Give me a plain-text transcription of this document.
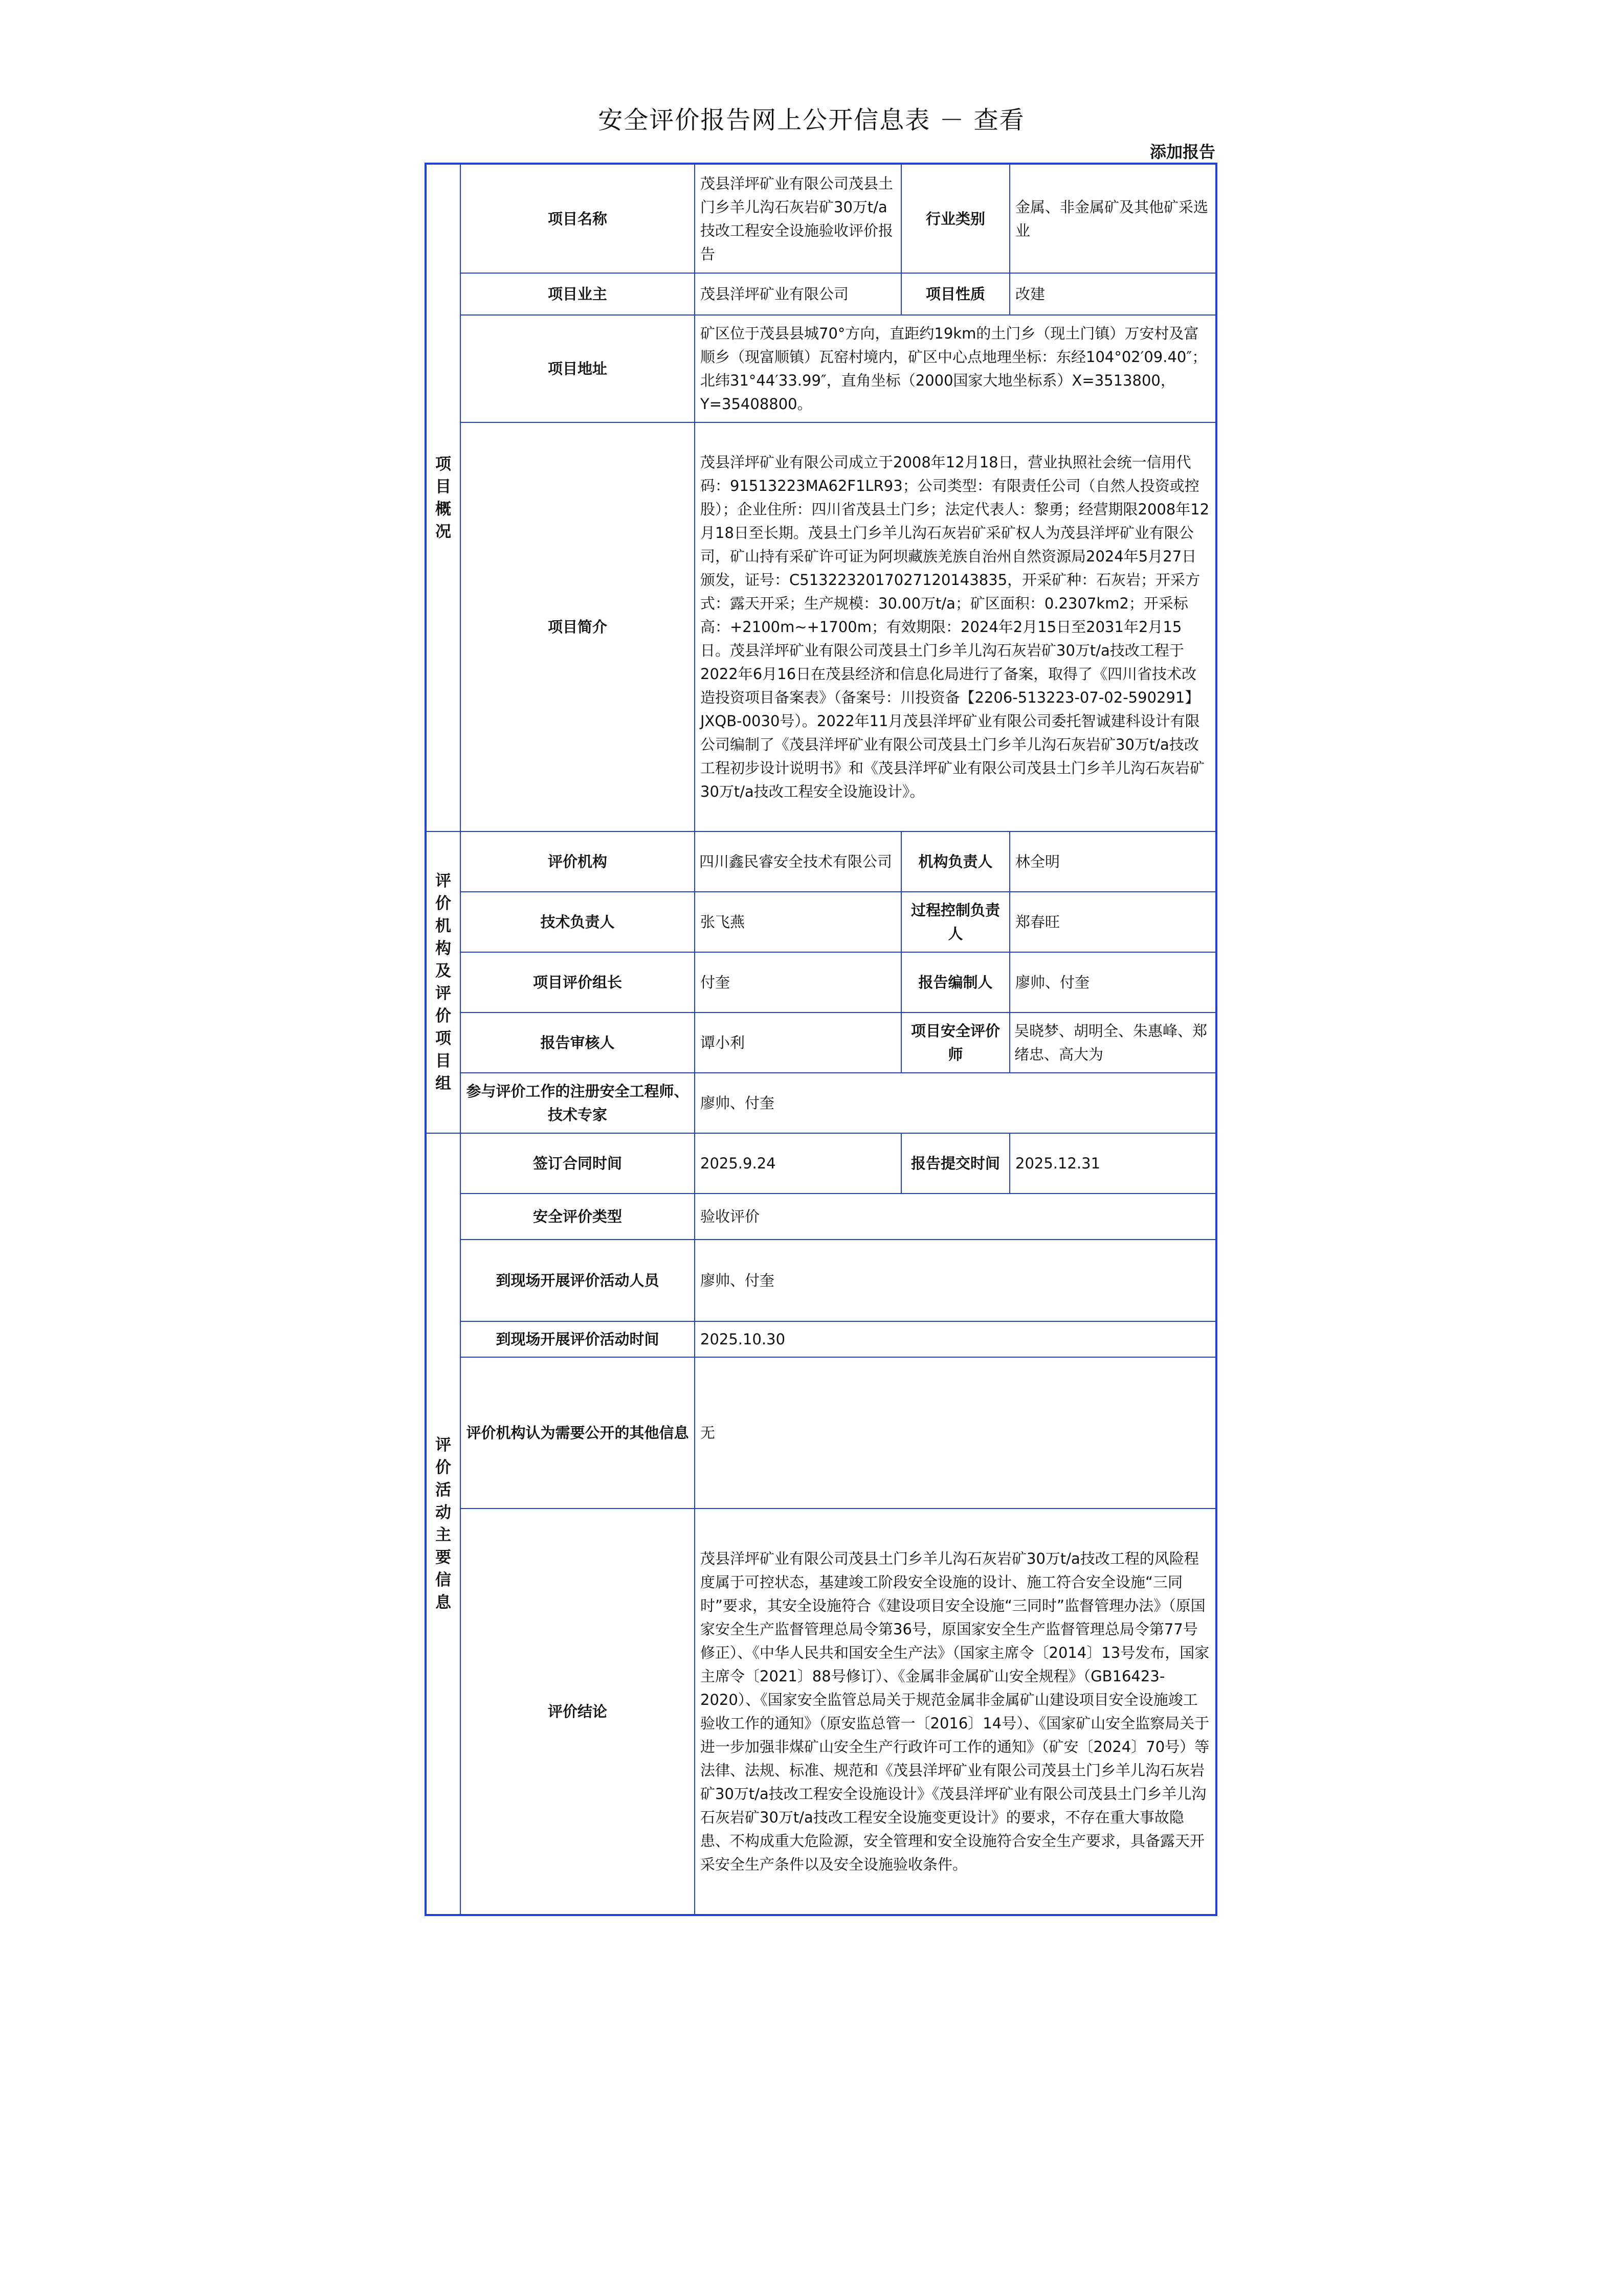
安全评价报告网上公开信息表 － 查看
添加报告
项目概况	项目名称	茂县洋坪矿业有限公司茂县土门乡羊儿沟石灰岩矿30万t/a技改工程安全设施验收评价报告	行业类别	金属、非金属矿及其他矿采选业
	项目业主	茂县洋坪矿业有限公司	项目性质	改建
	项目地址	矿区位于茂县县城70°方向，直距约19km的土门乡（现土门镇）万安村及富顺乡（现富顺镇）瓦窑村境内，矿区中心点地理坐标：东经104°02′09.40″；北纬31°44′33.99″，直角坐标（2000国家大地坐标系）X=3513800，Y=35408800。		
	项目简介	茂县洋坪矿业有限公司成立于2008年12月18日，营业执照社会统一信用代码：91513223MA62F1LR93；公司类型：有限责任公司（自然人投资或控股）；企业住所：四川省茂县土门乡；法定代表人：黎勇；经营期限2008年12月18日至长期。茂县土门乡羊儿沟石灰岩矿采矿权人为茂县洋坪矿业有限公司，矿山持有采矿许可证为阿坝藏族羌族自治州自然资源局2024年5月27日颁发，证号：C5132232017027120143835，开采矿种：石灰岩；开采方式：露天开采；生产规模：30.00万t/a；矿区面积：0.2307km2；开采标高：+2100m~+1700m；有效期限：2024年2月15日至2031年2月15日。茂县洋坪矿业有限公司茂县土门乡羊儿沟石灰岩矿30万t/a技改工程于2022年6月16日在茂县经济和信息化局进行了备案，取得了《四川省技术改造投资项目备案表》（备案号：川投资备【2206-513223-07-02-590291】JXQB-0030号）。2022年11月茂县洋坪矿业有限公司委托智诚建科设计有限公司编制了《茂县洋坪矿业有限公司茂县土门乡羊儿沟石灰岩矿30万t/a技改工程初步设计说明书》和《茂县洋坪矿业有限公司茂县土门乡羊儿沟石灰岩矿30万t/a技改工程安全设施设计》。		

评价机构及评价项目组	评价机构	四川鑫民睿安全技术有限公司	机构负责人	林全明
	技术负责人	张飞燕	过程控制负责人	郑春旺
	项目评价组长	付奎	报告编制人	廖帅、付奎
	报告审核人	谭小利	项目安全评价师	吴晓梦、胡明全、朱惠峰、郑绪忠、高大为
	参与评价工作的注册安全工程师、技术专家	廖帅、付奎		

评价活动主要信息	签订合同时间	2025.9.24	报告提交时间	2025.12.31
	安全评价类型	验收评价		
	到现场开展评价活动人员	廖帅、付奎		
	到现场开展评价活动时间	2025.10.30		
	评价机构认为需要公开的其他信息	无		
	评价结论	茂县洋坪矿业有限公司茂县土门乡羊儿沟石灰岩矿30万t/a技改工程的风险程度属于可控状态，基建竣工阶段安全设施的设计、施工符合安全设施“三同时”要求，其安全设施符合《建设项目安全设施“三同时”监督管理办法》（原国家安全生产监督管理总局令第36号，原国家安全生产监督管理总局令第77号修正）、《中华人民共和国安全生产法》（国家主席令〔2014〕13号发布，国家主席令〔2021〕88号修订）、《金属非金属矿山安全规程》（GB16423-2020）、《国家安全监管总局关于规范金属非金属矿山建设项目安全设施竣工验收工作的通知》（原安监总管一〔2016〕14号）、《国家矿山安全监察局关于进一步加强非煤矿山安全生产行政许可工作的通知》（矿安〔2024〕70号）等法律、法规、标准、规范和《茂县洋坪矿业有限公司茂县土门乡羊儿沟石灰岩矿30万t/a技改工程安全设施设计》《茂县洋坪矿业有限公司茂县土门乡羊儿沟石灰岩矿30万t/a技改工程安全设施变更设计》的要求，不存在重大事故隐患、不构成重大危险源，安全管理和安全设施符合安全生产要求，具备露天开采安全生产条件以及安全设施验收条件。		
